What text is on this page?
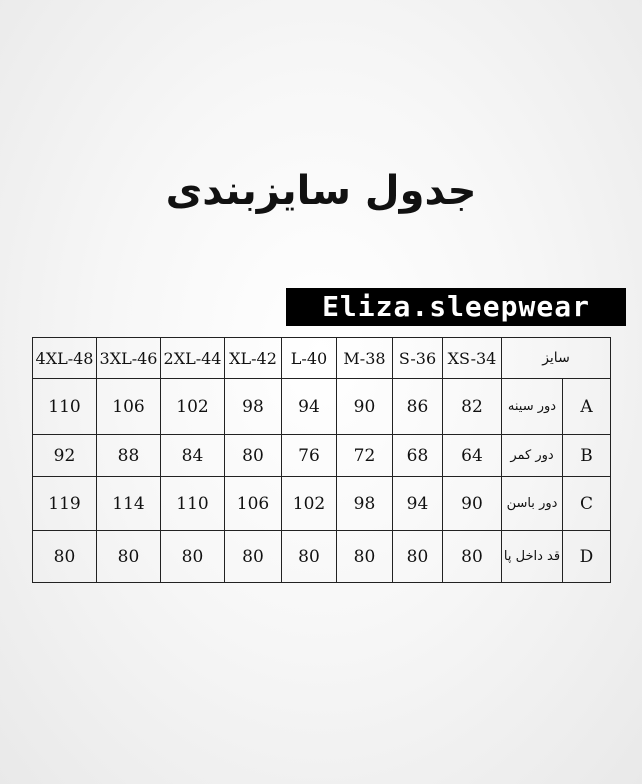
جدول سایزبندی
Eliza.sleepwear
4XL-48	3XL-46	2XL-44	XL-42	L-40	M-38	S-36	XS-34	سایز	
110	106	102	98	94	90	86	82	دور سینه	A
92	88	84	80	76	72	68	64	دور کمر	B
119	114	110	106	102	98	94	90	دور باسن	C
80	80	80	80	80	80	80	80	قد داخل پا	D
